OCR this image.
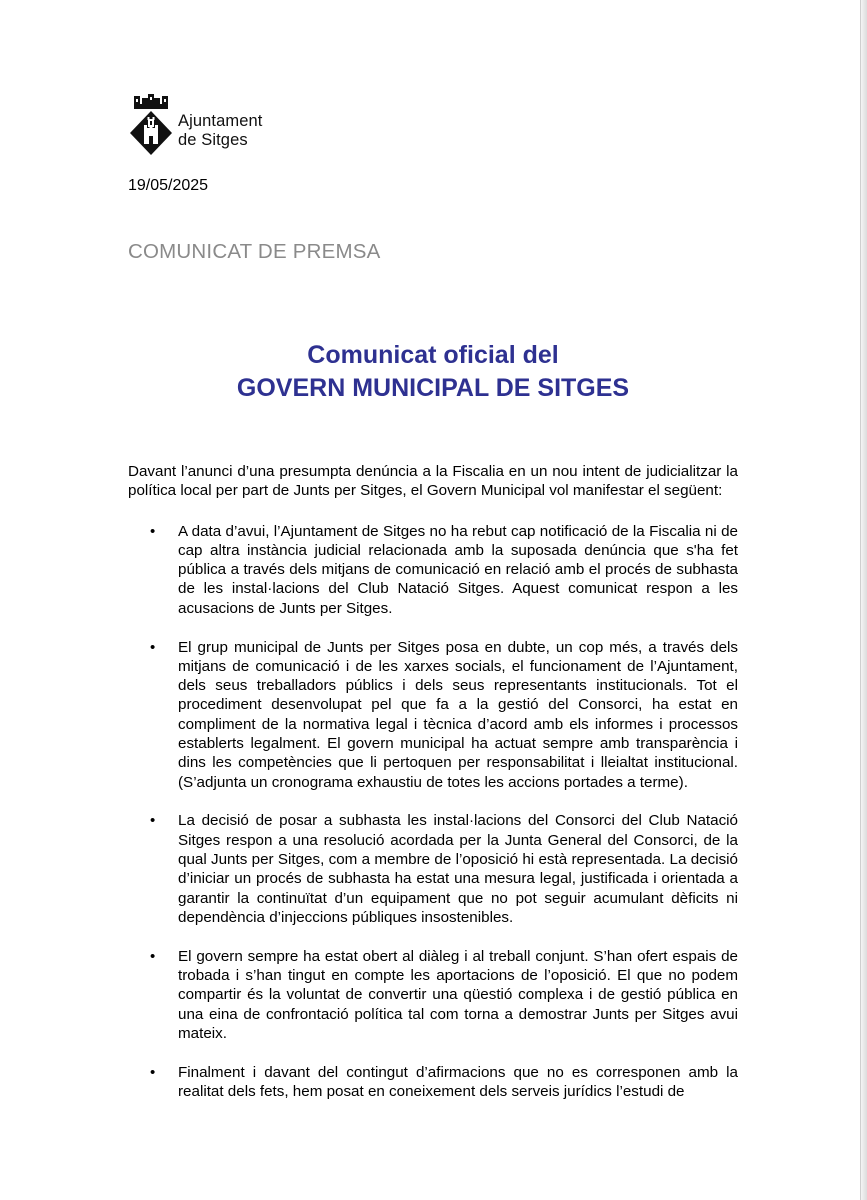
Ajuntament
de Sitges
19/05/2025
COMUNICAT DE PREMSA
Comunicat oficial del
GOVERN MUNICIPAL DE SITGES

Davant l’anunci d’una presumpta denúncia a la Fiscalia en un nou intent de judicialitzar la política local per part de Junts per Sitges, el Govern Municipal vol manifestar el següent:

• A data d’avui, l’Ajuntament de Sitges no ha rebut cap notificació de la Fiscalia ni de cap altra instància judicial relacionada amb la suposada denúncia que s'ha fet pública a través dels mitjans de comunicació en relació amb el procés de subhasta de les instal·lacions del Club Natació Sitges. Aquest comunicat respon a les acusacions de Junts per Sitges.
• El grup municipal de Junts per Sitges posa en dubte, un cop més, a través dels mitjans de comunicació i de les xarxes socials, el funcionament de l’Ajuntament, dels seus treballadors públics i dels seus representants institucionals. Tot el procediment desenvolupat pel que fa a la gestió del Consorci, ha estat en compliment de la normativa legal i tècnica d’acord amb els informes i processos establerts legalment. El govern municipal ha actuat sempre amb transparència i dins les competències que li pertoquen per responsabilitat i lleialtat institucional. (S’adjunta un cronograma exhaustiu de totes les accions portades a terme).
• La decisió de posar a subhasta les instal·lacions del Consorci del Club Natació Sitges respon a una resolució acordada per la Junta General del Consorci, de la qual Junts per Sitges, com a membre de l’oposició hi està representada. La decisió d’iniciar un procés de subhasta ha estat una mesura legal, justificada i orientada a garantir la continuïtat d’un equipament que no pot seguir acumulant dèficits ni dependència d’injeccions públiques insostenibles.
• El govern sempre ha estat obert al diàleg i al treball conjunt. S’han ofert espais de trobada i s’han tingut en compte les aportacions de l’oposició. El que no podem compartir és la voluntat de convertir una qüestió complexa i de gestió pública en una eina de confrontació política tal com torna a demostrar Junts per Sitges avui mateix.
• Finalment i davant del contingut d’afirmacions que no es corresponen amb la realitat dels fets, hem posat en coneixement dels serveis jurídics l’estudi de
